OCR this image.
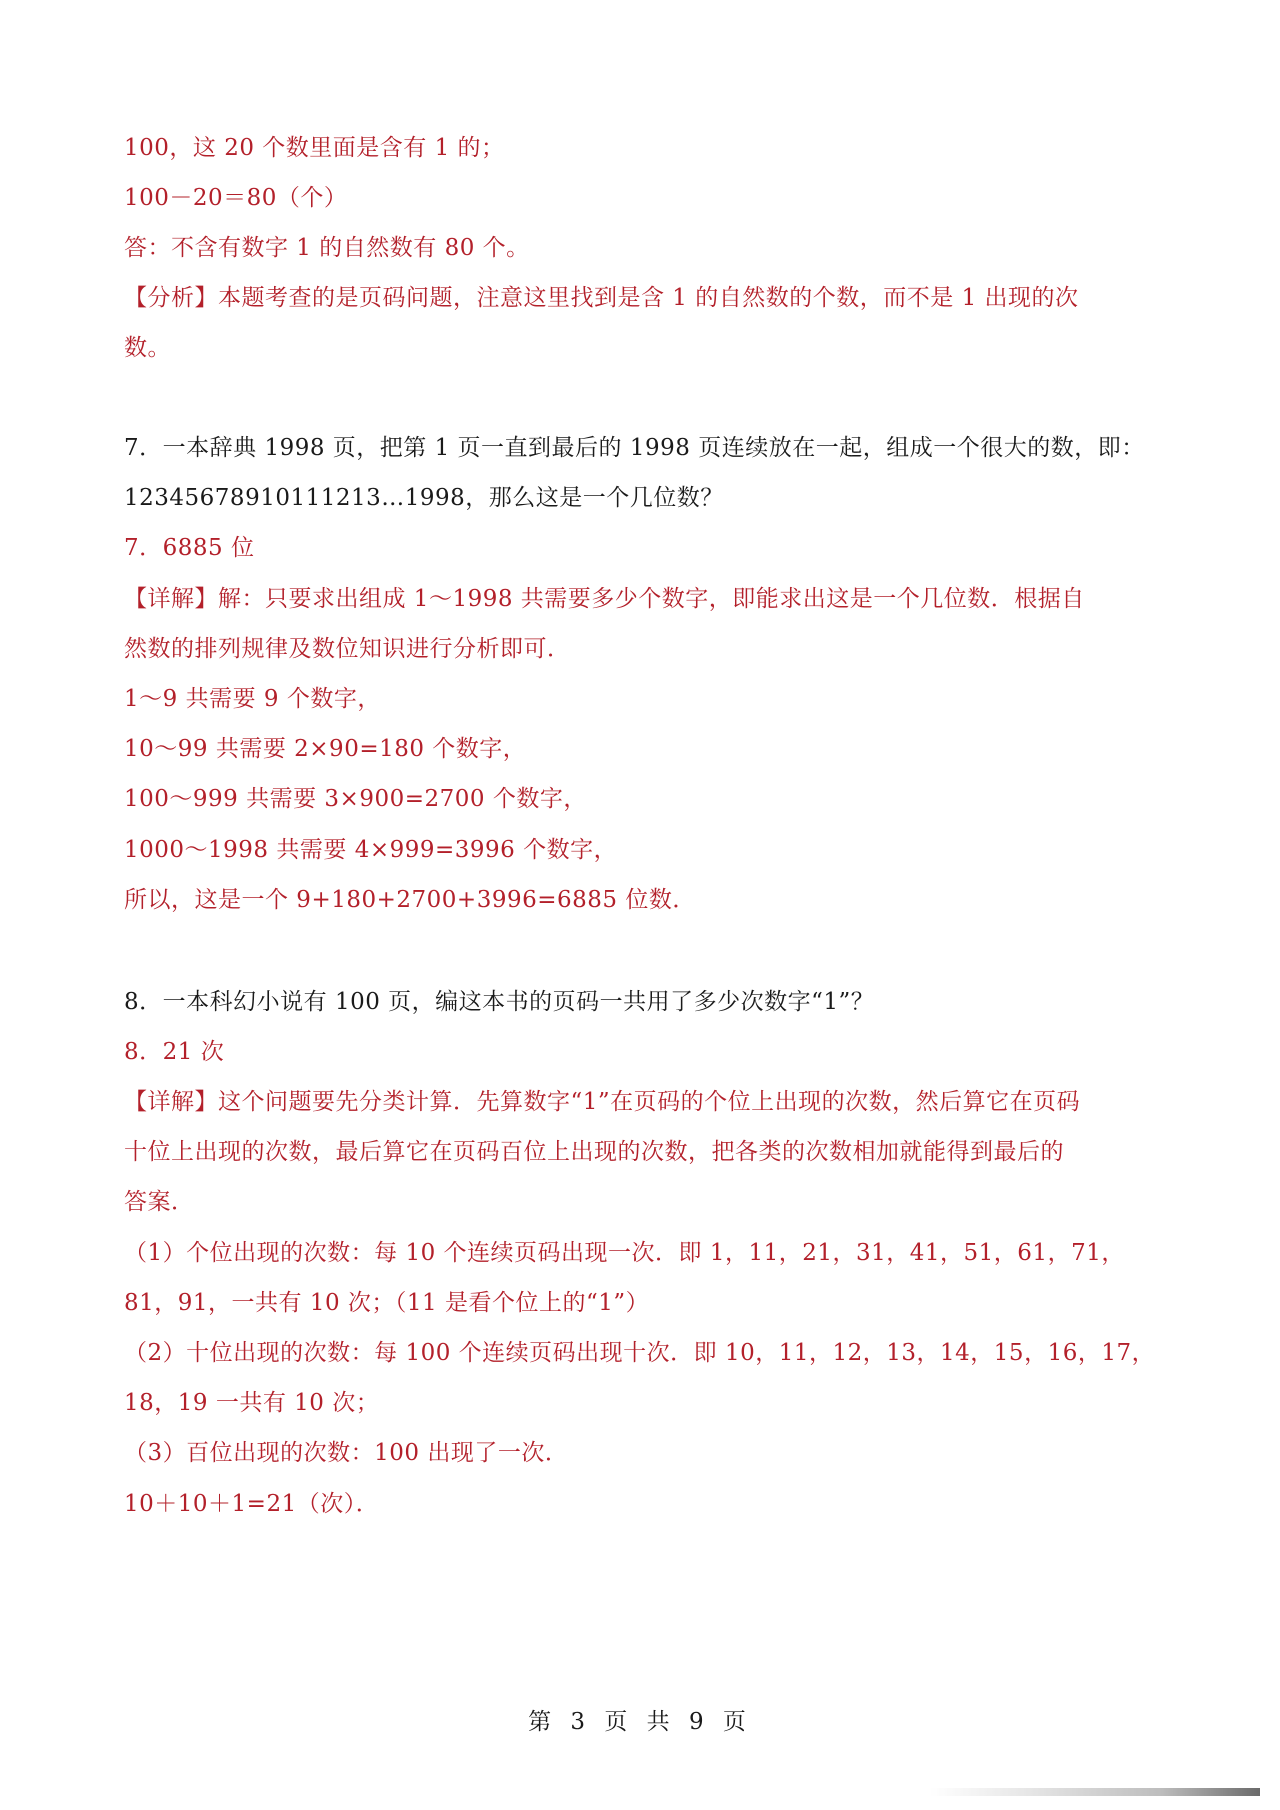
100，这 20 个数里面是含有 1 的；
100－20＝80（个）
答：不含有数字 1 的自然数有 80 个。
【分析】本题考查的是页码问题，注意这里找到是含 1 的自然数的个数，而不是 1 出现的次
数。
7．一本辞典 1998 页，把第 1 页一直到最后的 1998 页连续放在一起，组成一个很大的数，即：
12345678910111213…1998，那么这是一个几位数？
7．6885 位
【详解】解：只要求出组成 1～1998 共需要多少个数字，即能求出这是一个几位数．根据自
然数的排列规律及数位知识进行分析即可．
1～9 共需要 9 个数字，
10～99 共需要 2×90=180 个数字，
100～999 共需要 3×900=2700 个数字，
1000～1998 共需要 4×999=3996 个数字，
所以，这是一个 9+180+2700+3996=6885 位数．
8．一本科幻小说有 100 页，编这本书的页码一共用了多少次数字“1”？
8．21 次
【详解】这个问题要先分类计算．先算数字“1”在页码的个位上出现的次数，然后算它在页码
十位上出现的次数，最后算它在页码百位上出现的次数，把各类的次数相加就能得到最后的
答案．
（1）个位出现的次数：每 10 个连续页码出现一次．即 1，11，21，31，41，51，61，71，
81，91，一共有 10 次；（11 是看个位上的“1”）
（2）十位出现的次数：每 100 个连续页码出现十次．即 10，11，12，13，14，15，16，17，
18，19 一共有 10 次；
（3）百位出现的次数：100 出现了一次．
10＋10＋1=21（次）．
第 3 页 共 9 页
